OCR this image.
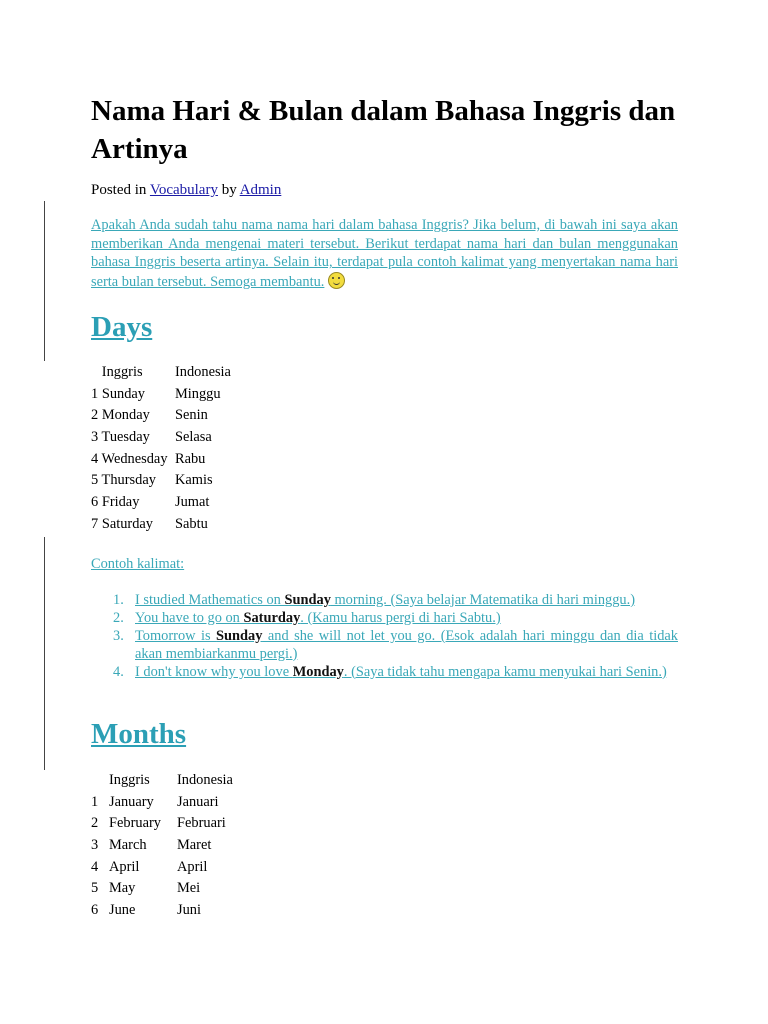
Nama Hari & Bulan dalam Bahasa Inggris dan Artinya
Posted in Vocabulary by Admin

Apakah Anda sudah tahu nama nama hari dalam bahasa Inggris? Jika belum, di bawah ini saya akan memberikan Anda mengenai materi tersebut. Berikut terdapat nama hari dan bulan menggunakan bahasa Inggris beserta artinya. Selain itu, terdapat pula contoh kalimat yang menyertakan nama hari serta bulan tersebut. Semoga membantu.

Days
Inggris	Indonesia
1 Sunday	Minggu
2 Monday	Senin
3 Tuesday	Selasa
4 Wednesday	Rabu
5 Thursday	Kamis
6 Friday	Jumat
7 Saturday	Sabtu
Contoh kalimat:
1. I studied Mathematics on Sunday morning. (Saya belajar Matematika di hari minggu.)
2. You have to go on Saturday. (Kamu harus pergi di hari Sabtu.)
3. Tomorrow is Sunday and she will not let you go. (Esok adalah hari minggu dan dia tidak akan membiarkanmu pergi.)
4. I don't know why you love Monday. (Saya tidak tahu mengapa kamu menyukai hari Senin.)
Months
	Inggris	Indonesia
1	January	Januari
2	February	Februari
3	March	Maret
4	April	April
5	May	Mei
6	June	Juni
